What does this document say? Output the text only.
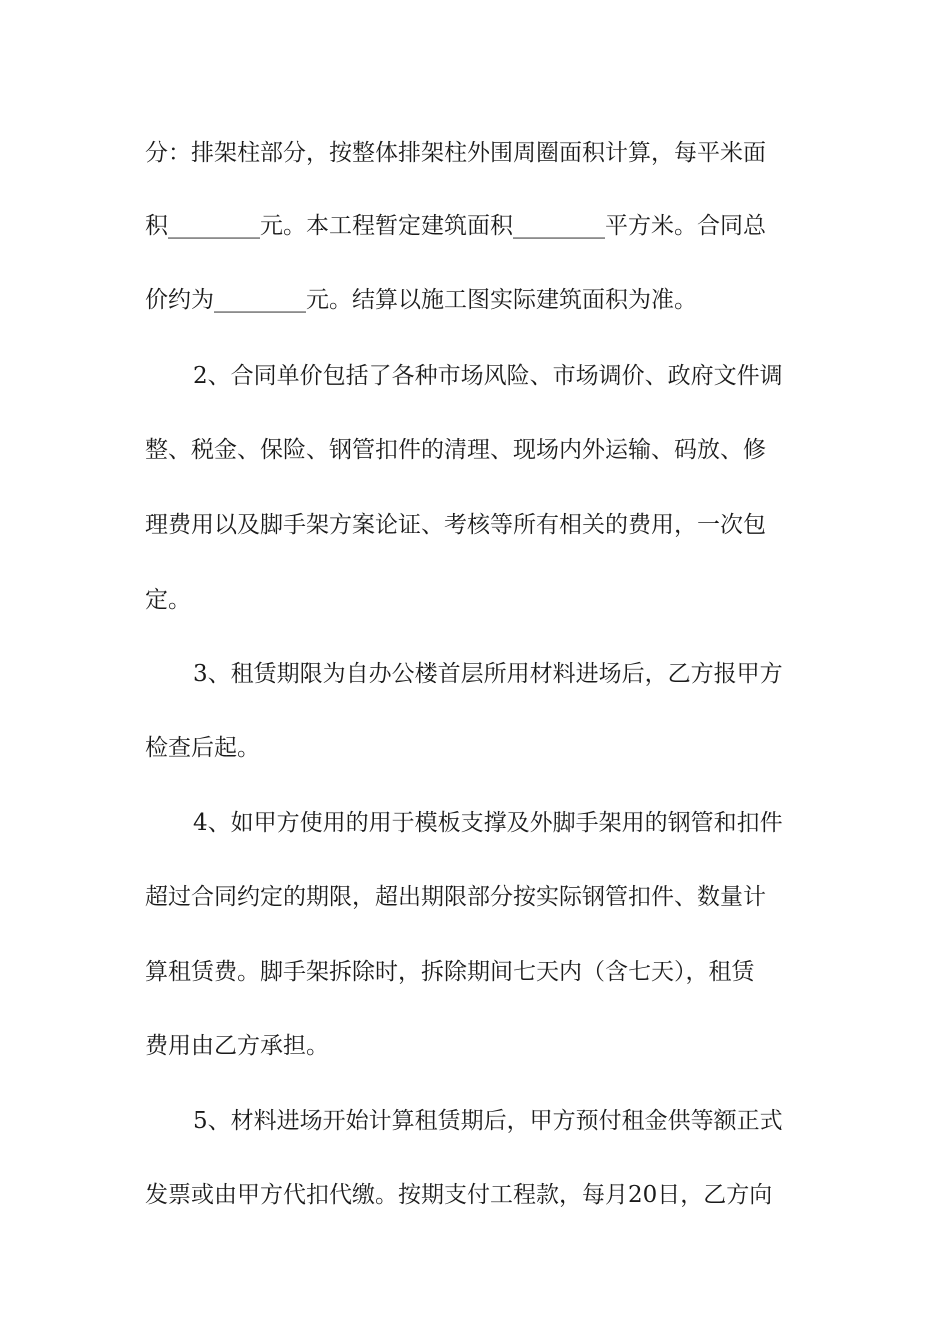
分：排架柱部分，按整体排架柱外围周圈面积计算，每平米面
积________元。本工程暂定建筑面积________平方米。合同总
价约为________元。结算以施工图实际建筑面积为准。
2、合同单价包括了各种市场风险、市场调价、政府文件调
整、税金、保险、钢管扣件的清理、现场内外运输、码放、修
理费用以及脚手架方案论证、考核等所有相关的费用，一次包
定。
3、租赁期限为自办公楼首层所用材料进场后，乙方报甲方
检查后起。
4、如甲方使用的用于模板支撑及外脚手架用的钢管和扣件
超过合同约定的期限，超出期限部分按实际钢管扣件、数量计
算租赁费。脚手架拆除时，拆除期间七天内（含七天），租赁
费用由乙方承担。
5、材料进场开始计算租赁期后，甲方预付租金供等额正式
发票或由甲方代扣代缴。按期支付工程款，每月20日，乙方向
